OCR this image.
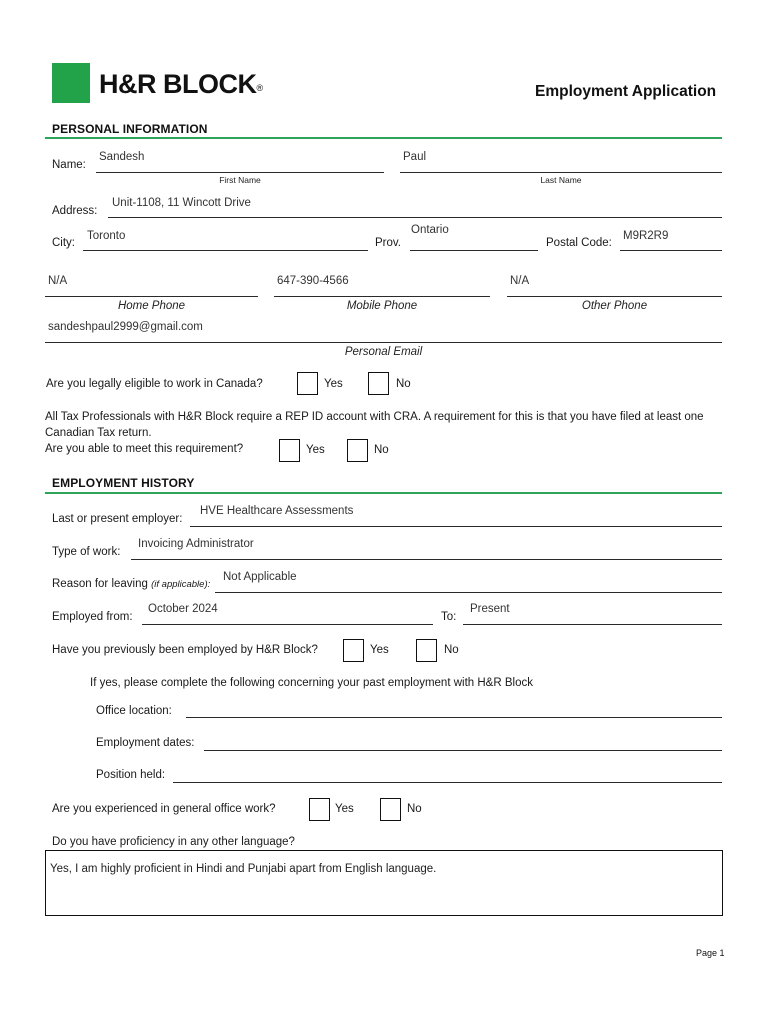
H&R BLOCK®	Employment Application
PERSONAL INFORMATION
Name:
Sandesh	Paul
First Name	Last Name
Address:
Unit-1108, 11 Wincott Drive
City:
Toronto
Prov.
Ontario
Postal Code:
M9R2R9
N/A
Home Phone
647-390-4566
Mobile Phone
N/A
Other Phone
sandeshpaul2999@gmail.com
Personal Email
Are you legally eligible to work in Canada?	Yes	No
All Tax Professionals with H&R Block require a REP ID account with CRA. A requirement for this is that you have filed at least one
Canadian Tax return.
Are you able to meet this requirement?	Yes	No
EMPLOYMENT HISTORY
Last or present employer:
HVE Healthcare Assessments
Type of work:
Invoicing Administrator
Reason for leaving (if applicable):
Not Applicable
Employed from:
October 2024
To:
Present
Have you previously been employed by H&R Block?	Yes	No
If yes, please complete the following concerning your past employment with H&R Block
Office location:
Employment dates:
Position held:
Are you experienced in general office work?	Yes	No
Do you have proficiency in any other language?
Yes, I am highly proficient in Hindi and Punjabi apart from English language.
Page 1
